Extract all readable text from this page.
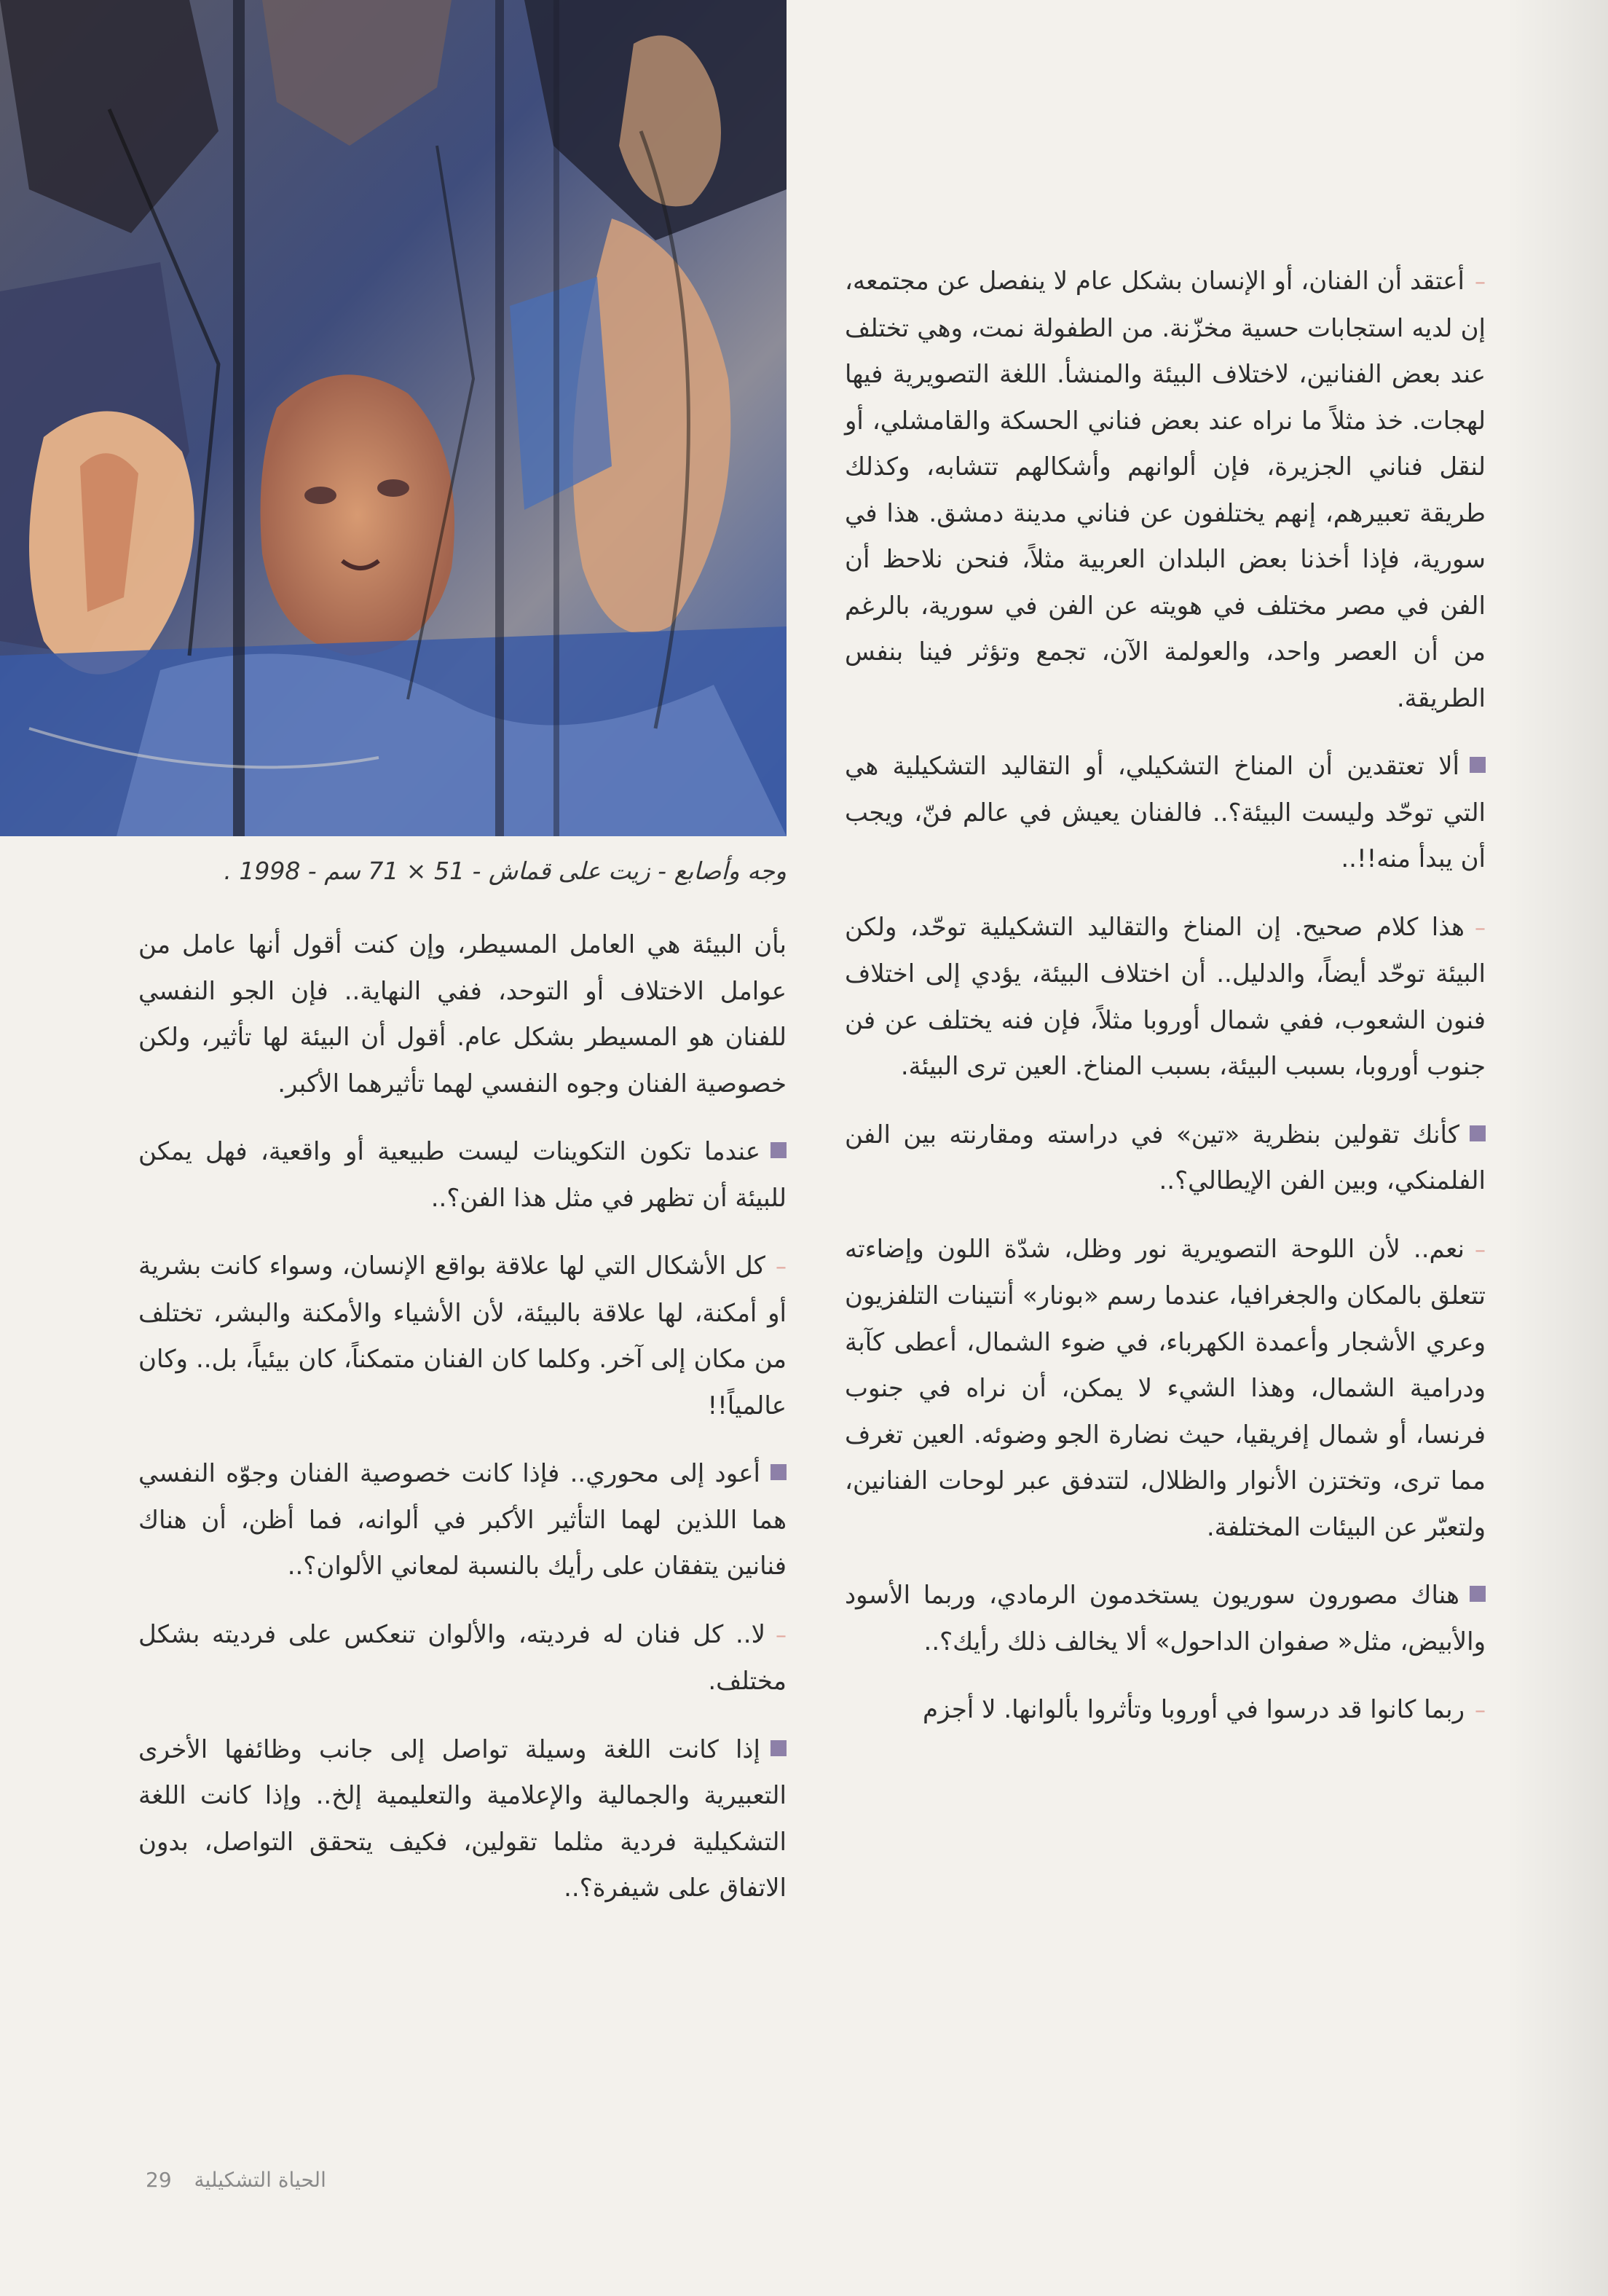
وجه وأصابع - زيت على قماش - 51 × 71 سم - 1998 .

–أعتقد أن الفنان، أو الإنسان بشكل عام لا ينفصل عن مجتمعه، إن لديه استجابات حسية مخزّنة. من الطفولة نمت، وهي تختلف عند بعض الفنانين، لاختلاف البيئة والمنشأ. اللغة التصويرية فيها لهجات. خذ مثلاً ما نراه عند بعض فناني الحسكة والقامشلي، أو لنقل فناني الجزيرة، فإن ألوانهم وأشكالهم تتشابه، وكذلك طريقة تعبيرهم، إنهم يختلفون عن فناني مدينة دمشق. هذا في سورية، فإذا أخذنا بعض البلدان العربية مثلاً، فنحن نلاحظ أن الفن في مصر مختلف في هويته عن الفن في سورية، بالرغم من أن العصر واحد، والعولمة الآن، تجمع وتؤثر فينا بنفس الطريقة.

ألا تعتقدين أن المناخ التشكيلي، أو التقاليد التشكيلية هي التي توحّد وليست البيئة؟.. فالفنان يعيش في عالم فنّ، ويجب أن يبدأ منه!!..

–هذا كلام صحيح. إن المناخ والتقاليد التشكيلية توحّد، ولكن البيئة توحّد أيضاً، والدليل.. أن اختلاف البيئة، يؤدي إلى اختلاف فنون الشعوب، ففي شمال أوروبا مثلاً، فإن فنه يختلف عن فن جنوب أوروبا، بسبب البيئة، بسبب المناخ. العين ترى البيئة.

كأنك تقولين بنظرية «تين» في دراسته ومقارنته بين الفن الفلمنكي، وبين الفن الإيطالي؟..

–نعم.. لأن اللوحة التصويرية نور وظل، شدّة اللون وإضاءته تتعلق بالمكان والجغرافيا، عندما رسم «بونار» أنتينات التلفزيون وعري الأشجار وأعمدة الكهرباء، في ضوء الشمال، أعطى كآبة ودرامية الشمال، وهذا الشيء لا يمكن، أن نراه في جنوب فرنسا، أو شمال إفريقيا، حيث نضارة الجو وضوئه. العين تغرف مما ترى، وتختزن الأنوار والظلال، لتتدفق عبر لوحات الفنانين، ولتعبّر عن البيئات المختلفة.

هناك مصورون سوريون يستخدمون الرمادي، وربما الأسود والأبيض، مثل« صفوان الداحول» ألا يخالف ذلك رأيك؟..

–ربما كانوا قد درسوا في أوروبا وتأثروا بألوانها. لا أجزم

بأن البيئة هي العامل المسيطر، وإن كنت أقول أنها عامل من عوامل الاختلاف أو التوحد، ففي النهاية.. فإن الجو النفسي للفنان هو المسيطر بشكل عام. أقول أن البيئة لها تأثير، ولكن خصوصية الفنان وجوه النفسي لهما تأثيرهما الأكبر.

عندما تكون التكوينات ليست طبيعية أو واقعية، فهل يمكن للبيئة أن تظهر في مثل هذا الفن؟..

–كل الأشكال التي لها علاقة بواقع الإنسان، وسواء كانت بشرية أو أمكنة، لها علاقة بالبيئة، لأن الأشياء والأمكنة والبشر، تختلف من مكان إلى آخر. وكلما كان الفنان متمكناً، كان بيئياً، بل.. وكان عالمياً!!

أعود إلى محوري.. فإذا كانت خصوصية الفنان وجوّه النفسي هما اللذين لهما التأثير الأكبر في ألوانه، فما أظن، أن هناك فنانين يتفقان على رأيك بالنسبة لمعاني الألوان؟..

–لا.. كل فنان له فرديته، والألوان تنعكس على فرديته بشكل مختلف.

إذا كانت اللغة وسيلة تواصل إلى جانب وظائفها الأخرى التعبيرية والجمالية والإعلامية والتعليمية إلخ.. وإذا كانت اللغة التشكيلية فردية مثلما تقولين، فكيف يتحقق التواصل، بدون الاتفاق على شيفرة؟..

29 الحياة التشكيلية
